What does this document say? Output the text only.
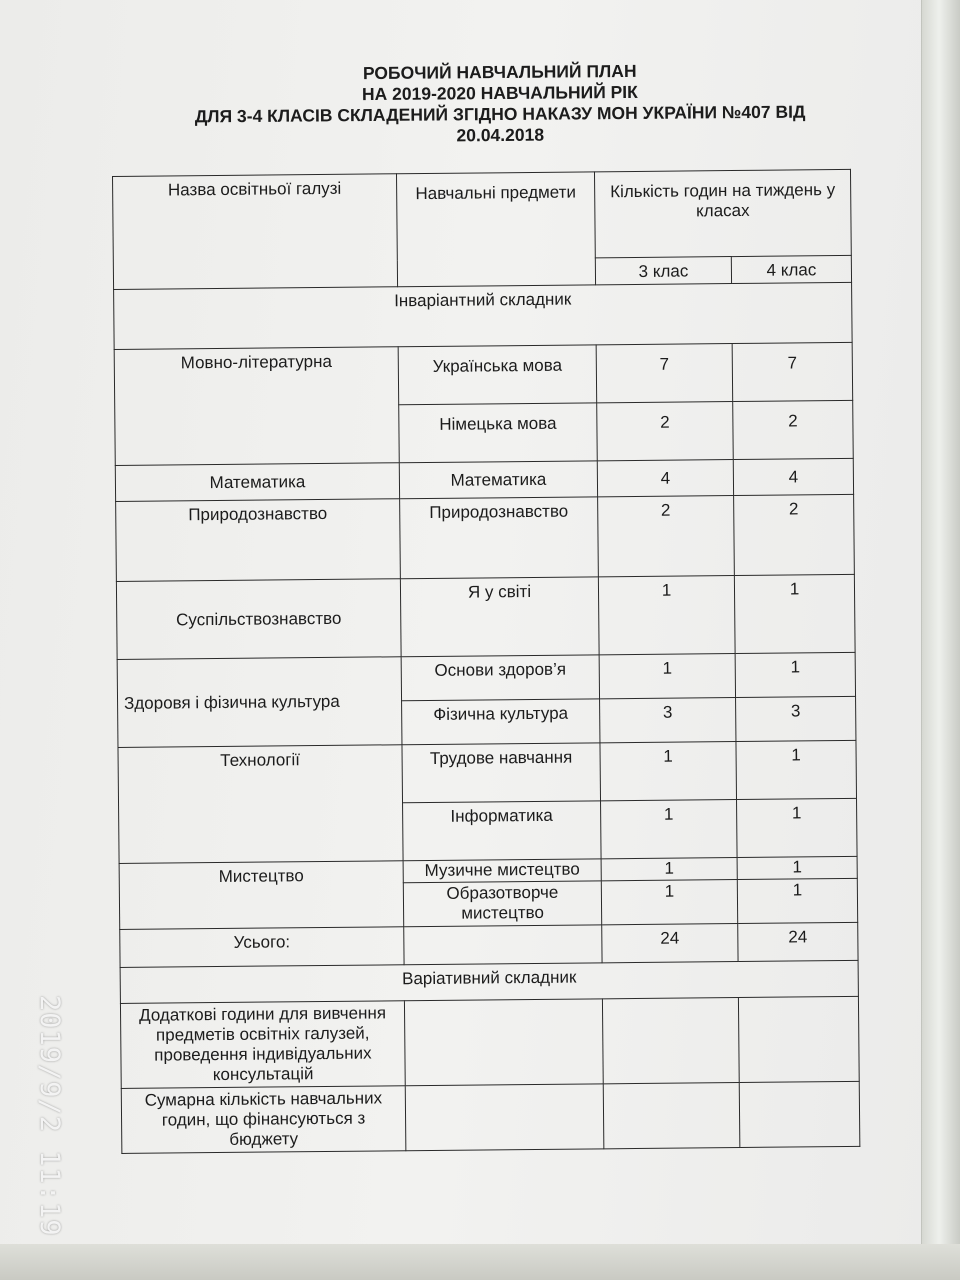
РОБОЧИЙ НАВЧАЛЬНИЙ ПЛАН
НА 2019-2020 НАВЧАЛЬНИЙ РІК
ДЛЯ 3-4 КЛАСІВ СКЛАДЕНИЙ ЗГІДНО НАКАЗУ МОН УКРАЇНИ №407 ВІД
20.04.2018
Назва освітньої галузі	Навчальні предмети	Кількість годин на тиждень у класах	
		3 клас	4 клас
Інваріантний складник			
Мовно-літературна	Українська мова	7	7
	Німецька мова	2	2
Математика	Математика	4	4
Природознавство	Природознавство	2	2
Суспільствознавство	Я у світі	1	1
Здоровя і фізична культура	Основи здоров’я	1	1
	Фізична культура	3	3
Технології	Трудове навчання	1	1
	Інформатика	1	1
Мистецтво	Музичне мистецтво	1	1
	Образотворче мистецтво	1	1
Усього:		24	24
Варіативний складник			
Додаткові години для вивчення предметів освітніх галузей, проведення індивідуальних консультацій			
Сумарна кількість навчальних годин, що фінансуються з бюджету			
2019/9/2 11:19
